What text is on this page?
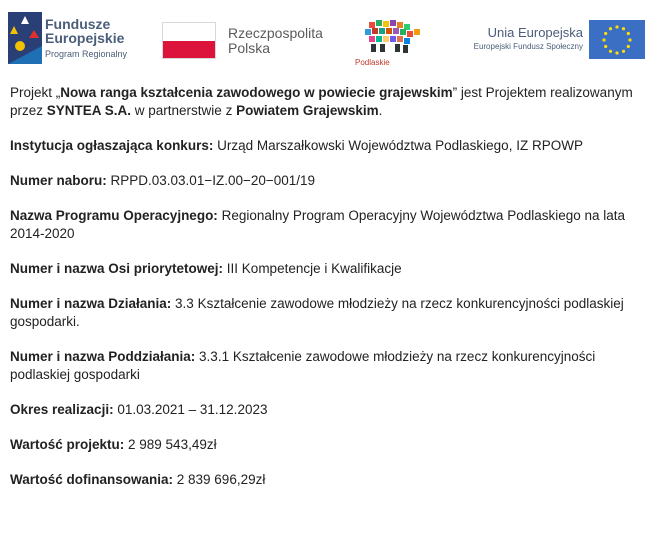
Fundusze
Europejskie
Program Regionalny
Rzeczpospolita
Polska
Podlaskie
Unia Europejska
Europejski Fundusz Społeczny

Projekt „Nowa ranga kształcenia zawodowego w powiecie grajewskim” jest Projektem realizowanym przez SYNTEA S.A. w partnerstwie z Powiatem Grajewskim.

Instytucja ogłaszająca konkurs: Urząd Marszałkowski Województwa Podlaskiego, IZ RPOWP

Numer naboru: RPPD.03.03.01−IZ.00−20−001/19

Nazwa Programu Operacyjnego: Regionalny Program Operacyjny Województwa Podlaskiego na lata 2014-2020

Numer i nazwa Osi priorytetowej: III Kompetencje i Kwalifikacje

Numer i nazwa Działania: 3.3 Kształcenie zawodowe młodzieży na rzecz konkurencyjności podlaskiej gospodarki.

Numer i nazwa Poddziałania: 3.3.1 Kształcenie zawodowe młodzieży na rzecz konkurencyjności podlaskiej gospodarki

Okres realizacji: 01.03.2021 – 31.12.2023

Wartość projektu: 2 989 543,49zł

Wartość dofinansowania: 2 839 696,29zł
